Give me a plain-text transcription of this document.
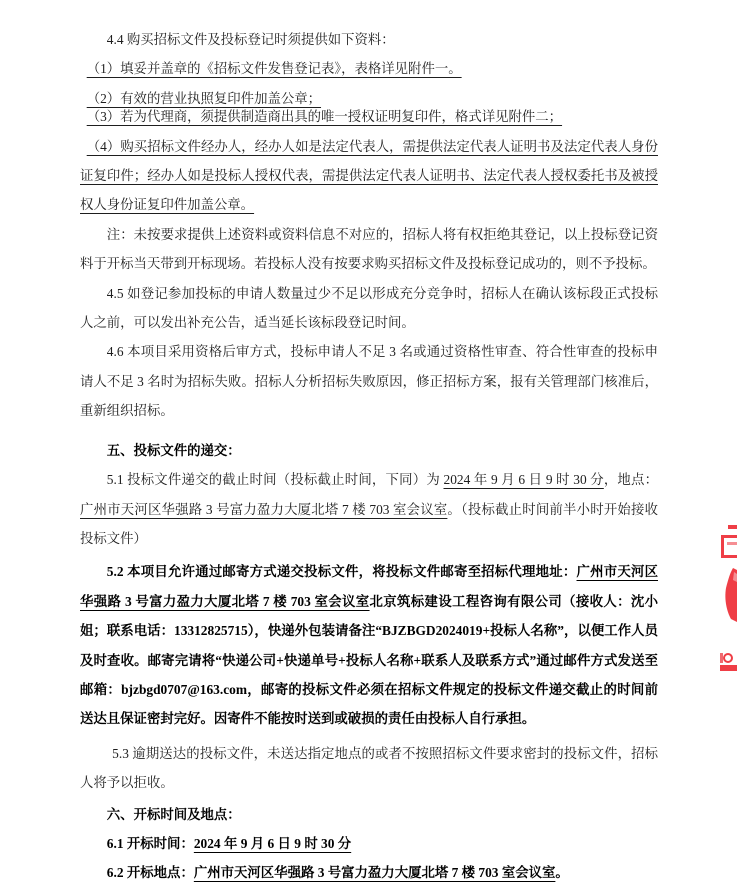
4.4 购买招标文件及投标登记时须提供如下资料：

（1）填妥并盖章的《招标文件发售登记表》，表格详见附件一。

（2）有效的营业执照复印件加盖公章；

（3）若为代理商，须提供制造商出具的唯一授权证明复印件，格式详见附件二；

（4）购买招标文件经办人，经办人如是法定代表人，需提供法定代表人证明书及法定代表人身份证复印件；经办人如是投标人授权代表，需提供法定代表人证明书、法定代表人授权委托书及被授权人身份证复印件加盖公章。

注：未按要求提供上述资料或资料信息不对应的，招标人将有权拒绝其登记，以上投标登记资料于开标当天带到开标现场。若投标人没有按要求购买招标文件及投标登记成功的，则不予投标。

4.5 如登记参加投标的申请人数量过少不足以形成充分竞争时，招标人在确认该标段正式投标人之前，可以发出补充公告，适当延长该标段登记时间。

4.6 本项目采用资格后审方式，投标申请人不足 3 名或通过资格性审查、符合性审查的投标申请人不足 3 名时为招标失败。招标人分析招标失败原因，修正招标方案，报有关管理部门核准后，重新组织招标。

五、投标文件的递交：

5.1 投标文件递交的截止时间（投标截止时间，下同）为 2024 年 9 月 6 日 9 时 30 分，地点：广州市天河区华强路 3 号富力盈力大厦北塔 7 楼 703 室会议室。（投标截止时间前半小时开始接收投标文件）

5.2 本项目允许通过邮寄方式递交投标文件，将投标文件邮寄至招标代理地址：广州市天河区华强路 3 号富力盈力大厦北塔 7 楼 703 室会议室北京筑标建设工程咨询有限公司（接收人：沈小姐；联系电话：13312825715），快递外包装请备注“BJZBGD2024019+投标人名称”，以便工作人员及时查收。邮寄完请将“快递公司+快递单号+投标人名称+联系人及联系方式”通过邮件方式发送至邮箱：bjzbgd0707@163.com，邮寄的投标文件必须在招标文件规定的投标文件递交截止的时间前送达且保证密封完好。因寄件不能按时送到或破损的责任由投标人自行承担。

5.3 逾期送达的投标文件，未送达指定地点的或者不按照招标文件要求密封的投标文件，招标人将予以拒收。

六、开标时间及地点：

6.1 开标时间：2024 年 9 月 6 日 9 时 30 分

6.2 开标地点：广州市天河区华强路 3 号富力盈力大厦北塔 7 楼 703 室会议室。
